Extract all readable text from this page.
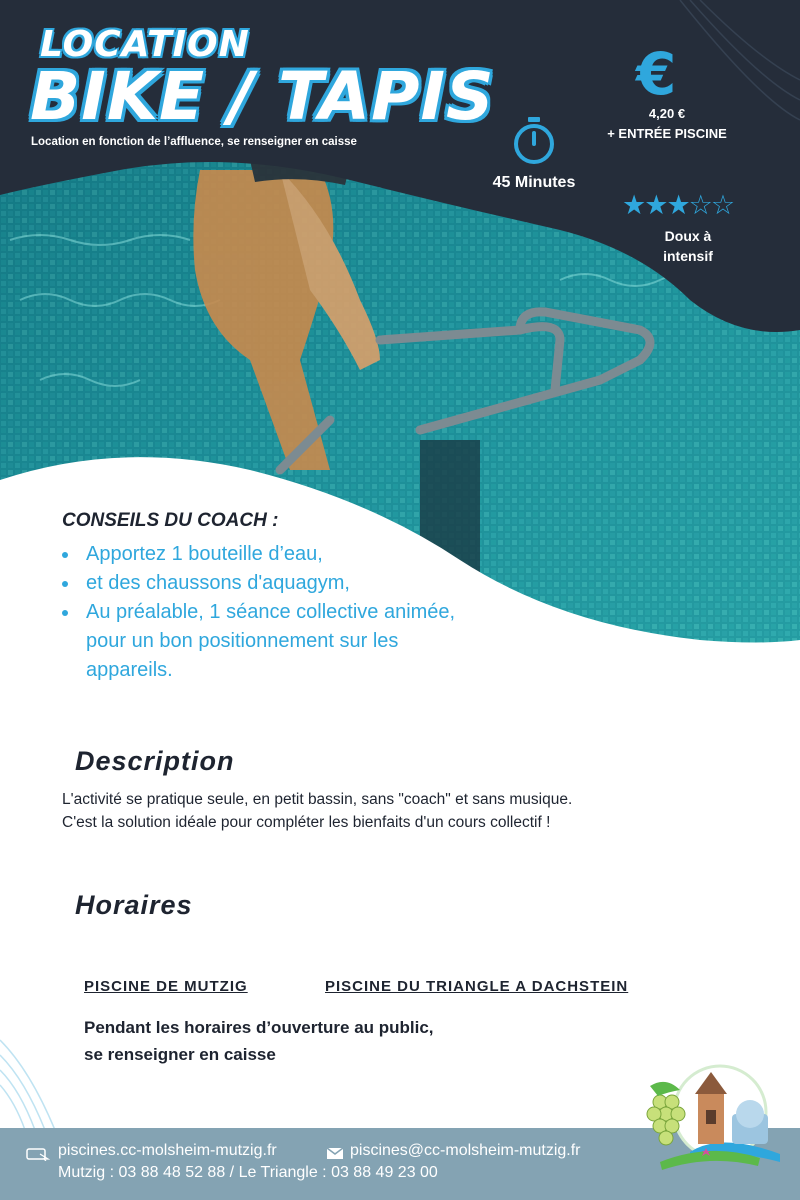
LOCATION
BIKE / TAPIS
Location en fonction de l’affluence, se renseigner en caisse
€
4,20 €
+ ENTRÉE PISCINE
45 Minutes
★★★☆☆
Doux à
intensif
CONSEILS DU COACH :
Apportez 1 bouteille d’eau,
et des chaussons d'aquagym,
Au préalable, 1 séance collective animée, pour un bon positionnement sur les appareils.
Description
L'activité se pratique seule, en petit bassin, sans "coach" et sans musique.
C'est la solution idéale pour compléter les bienfaits d'un cours collectif !
Horaires
PISCINE DE MUTZIG	PISCINE DU TRIANGLE A DACHSTEIN
Pendant les horaires d’ouverture au public,
se renseigner en caisse
piscines.cc-molsheim-mutzig.fr	piscines@cc-molsheim-mutzig.fr
Mutzig : 03 88 48 52 88 / Le Triangle : 03 88 49 23 00
